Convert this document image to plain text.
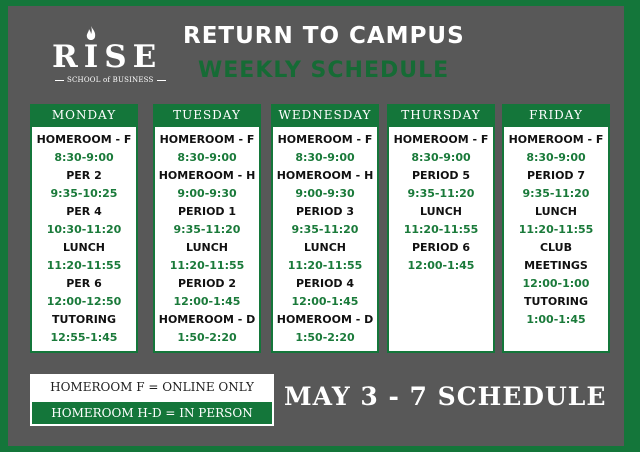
RISE
SCHOOL of BUSINESS
RETURN TO CAMPUS
WEEKLY SCHEDULE
MONDAY
HOMEROOM - F
8:30-9:00
PER 2
9:35-10:25
PER 4
10:30-11:20
LUNCH
11:20-11:55
PER 6
12:00-12:50
TUTORING
12:55-1:45
TUESDAY
HOMEROOM - F
8:30-9:00
HOMEROOM - H
9:00-9:30
PERIOD 1
9:35-11:20
LUNCH
11:20-11:55
PERIOD 2
12:00-1:45
HOMEROOM - D
1:50-2:20
WEDNESDAY
HOMEROOM - F
8:30-9:00
HOMEROOM - H
9:00-9:30
PERIOD 3
9:35-11:20
LUNCH
11:20-11:55
PERIOD 4
12:00-1:45
HOMEROOM - D
1:50-2:20
THURSDAY
HOMEROOM - F
8:30-9:00
PERIOD 5
9:35-11:20
LUNCH
11:20-11:55
PERIOD 6
12:00-1:45
FRIDAY
HOMEROOM - F
8:30-9:00
PERIOD 7
9:35-11:20
LUNCH
11:20-11:55
CLUB
MEETINGS
12:00-1:00
TUTORING
1:00-1:45
HOMEROOM F = ONLINE ONLY
HOMEROOM H-D = IN PERSON
MAY 3 - 7 SCHEDULE
